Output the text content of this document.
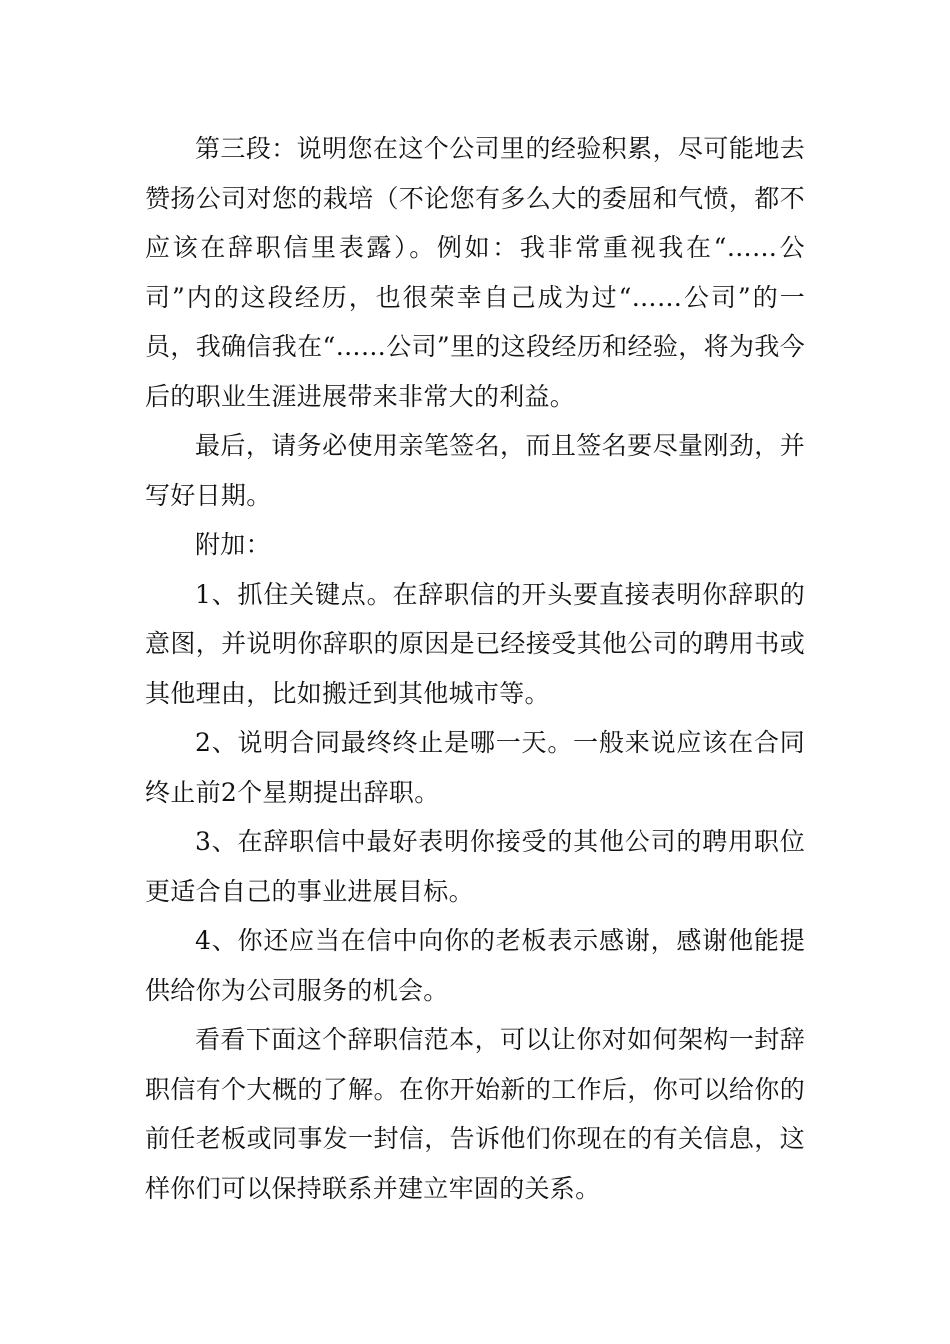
第三段：说明您在这个公司里的经验积累，尽可能地去赞扬公司对您的栽培（不论您有多么大的委屈和气愤，都不应该在辞职信里表露）。例如：我非常重视我在“……公司”内的这段经历，也很荣幸自己成为过“……公司”的一员，我确信我在“……公司”里的这段经历和经验，将为我今后的职业生涯进展带来非常大的利益。

最后，请务必使用亲笔签名，而且签名要尽量刚劲，并写好日期。

附加：

1、抓住关键点。在辞职信的开头要直接表明你辞职的意图，并说明你辞职的原因是已经接受其他公司的聘用书或其他理由，比如搬迁到其他城市等。

2、说明合同最终终止是哪一天。一般来说应该在合同终止前2个星期提出辞职。

3、在辞职信中最好表明你接受的其他公司的聘用职位更适合自己的事业进展目标。

4、你还应当在信中向你的老板表示感谢，感谢他能提供给你为公司服务的机会。

看看下面这个辞职信范本，可以让你对如何架构一封辞职信有个大概的了解。在你开始新的工作后，你可以给你的前任老板或同事发一封信，告诉他们你现在的有关信息，这样你们可以保持联系并建立牢固的关系。
